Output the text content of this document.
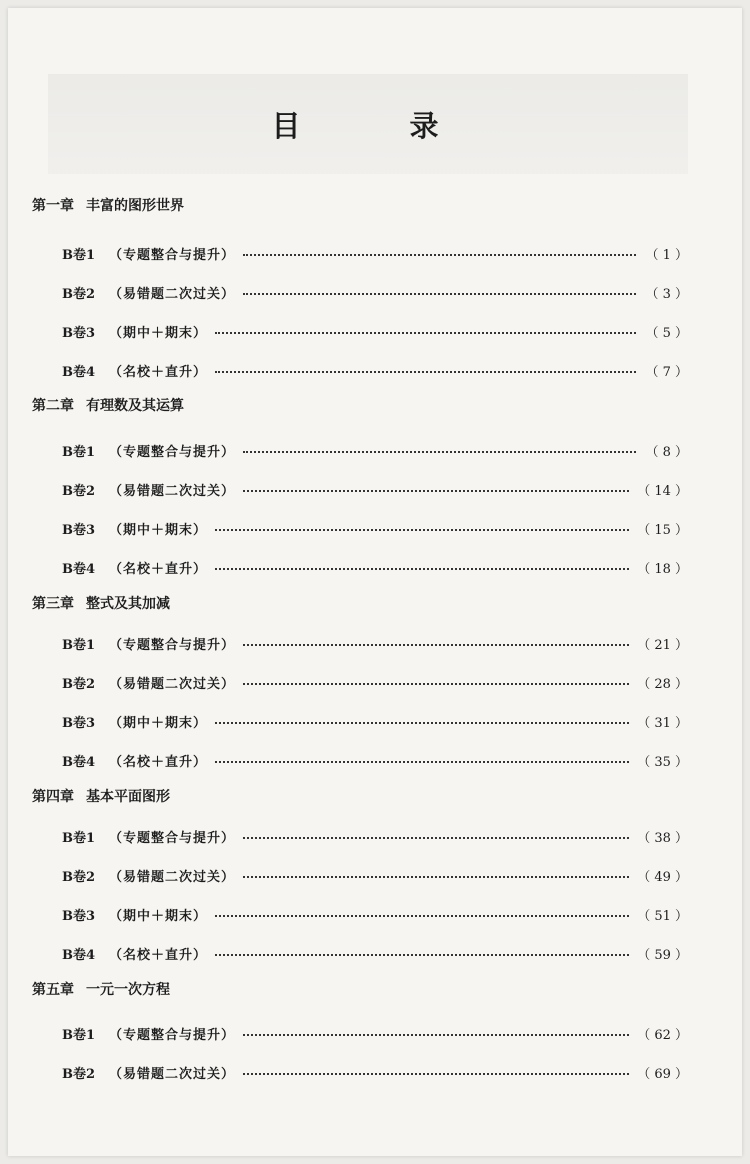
目　录
第一章 丰富的图形世界
B卷1 （专题整合与提升）	（ 1 ）
B卷2 （易错题二次过关）	（ 3 ）
B卷3 （期中＋期末）	（ 5 ）
B卷4 （名校＋直升）	（ 7 ）
第二章 有理数及其运算
B卷1 （专题整合与提升）	（ 8 ）
B卷2 （易错题二次过关）	（ 14 ）
B卷3 （期中＋期末）	（ 15 ）
B卷4 （名校＋直升）	（ 18 ）
第三章 整式及其加减
B卷1 （专题整合与提升）	（ 21 ）
B卷2 （易错题二次过关）	（ 28 ）
B卷3 （期中＋期末）	（ 31 ）
B卷4 （名校＋直升）	（ 35 ）
第四章 基本平面图形
B卷1 （专题整合与提升）	（ 38 ）
B卷2 （易错题二次过关）	（ 49 ）
B卷3 （期中＋期末）	（ 51 ）
B卷4 （名校＋直升）	（ 59 ）
第五章 一元一次方程
B卷1 （专题整合与提升）	（ 62 ）
B卷2 （易错题二次过关）	（ 69 ）
